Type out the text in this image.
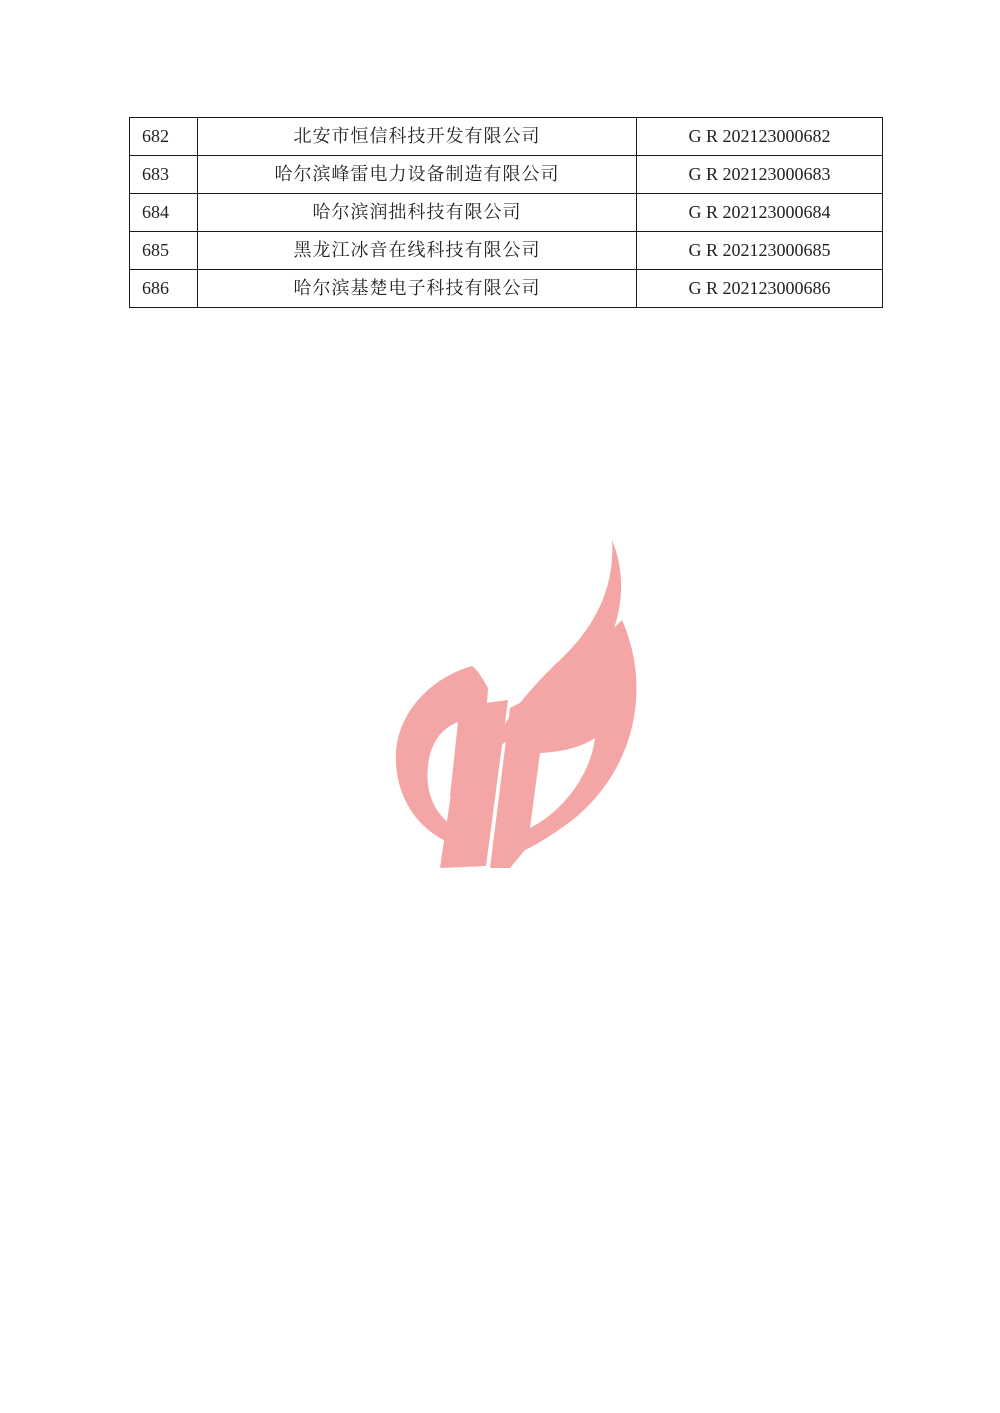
682	北安市恒信科技开发有限公司	G R 202123000682
683	哈尔滨峰雷电力设备制造有限公司	G R 202123000683
684	哈尔滨润拙科技有限公司	G R 202123000684
685	黑龙江冰音在线科技有限公司	G R 202123000685
686	哈尔滨基楚电子科技有限公司	G R 202123000686
